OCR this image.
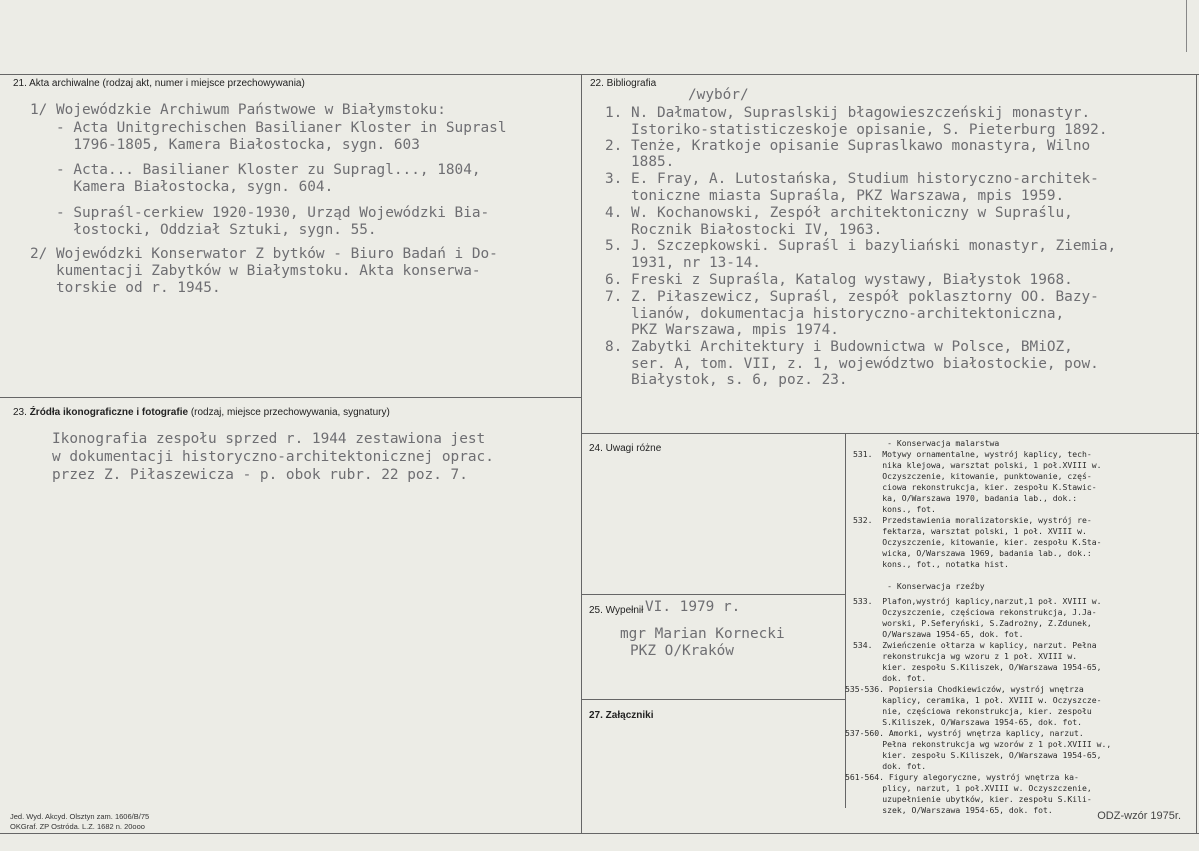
21. Akta archiwalne (rodzaj akt, numer i miejsce przechowywania)	22. Bibliografia
23. Źródła ikonograficzne i fotografie (rodzaj, miejsce przechowywania, sygnatury)
24. Uwagi różne
25. Wypełnił
27. Załączniki
1/ Wojewódzkie Archiwum Państwowe w Białymstoku:
- Acta Unitgrechischen Basilianer Kloster in Suprasl
1796-1805, Kamera Białostocka, sygn. 603
- Acta... Basilianer Kloster zu Supragl..., 1804,
Kamera Białostocka, sygn. 604.
- Supraśl-cerkiew 1920-1930, Urząd Wojewódzki Bia-
łostocki, Oddział Sztuki, sygn. 55.
2/ Wojewódzki Konserwator Z bytków - Biuro Badań i Do-
kumentacji Zabytków w Białymstoku. Akta konserwa-
torskie od r. 1945.
/wybór/
1. N. Dałmatow, Supraslskij błagowieszczeńskij monastyr.
Istoriko-statisticzeskoje opisanie, S. Pieterburg 1892.
2. Tenże, Kratkoje opisanie Supraslkawo monastyra, Wilno
1885.
3. E. Fray, A. Lutostańska, Studium historyczno-architek-
toniczne miasta Supraśla, PKZ Warszawa, mpis 1959.
4. W. Kochanowski, Zespół architektoniczny w Supraślu,
Rocznik Białostocki IV, 1963.
5. J. Szczepkowski. Supraśl i bazyliański monastyr, Ziemia,
1931, nr 13-14.
6. Freski z Supraśla, Katalog wystawy, Białystok 1968.
7. Z. Piłaszewicz, Supraśl, zespół poklasztorny OO. Bazy-
lianów, dokumentacja historyczno-architektoniczna,
PKZ Warszawa, mpis 1974.
8. Zabytki Architektury i Budownictwa w Polsce, BMiOZ,
ser. A, tom. VII, z. 1, województwo białostockie, pow.
Białystok, s. 6, poz. 23.
Ikonografia zespołu sprzed r. 1944 zestawiona jest
w dokumentacji historyczno-architektonicznej oprac.
przez Z. Piłaszewicza - p. obok rubr. 22 poz. 7.
VI. 1979 r.
mgr Marian Kornecki
PKZ O/Kraków
- Konserwacja malarstwa
531.  Motywy ornamentalne, wystrój kaplicy, tech-
nika klejowa, warsztat polski, 1 poł.XVIII w.
Oczyszczenie, kitowanie, punktowanie, częś-
ciowa rekonstrukcja, kier. zespołu K.Stawic-
ka, O/Warszawa 1970, badania lab., dok.:
kons., fot.
532.  Przedstawienia moralizatorskie, wystrój re-
fektarza, warsztat polski, 1 poł. XVIII w.
Oczyszczenie, kitowanie, kier. zespołu K.Sta-
wicka, O/Warszawa 1969, badania lab., dok.:
kons., fot., notatka hist.
- Konserwacja rzeźby
533.  Plafon,wystrój kaplicy,narzut,1 poł. XVIII w.
Oczyszczenie, częściowa rekonstrukcja, J.Ja-
worski, P.Seferyński, S.Zadrożny, Z.Zdunek,
O/Warszawa 1954-65, dok. fot.
534.  Zwieńczenie ołtarza w kaplicy, narzut. Pełna
rekonstrukcja wg wzoru z 1 poł. XVIII w.
kier. zespołu S.Kiliszek, O/Warszawa 1954-65,
dok. fot.
535-536. Popiersia Chodkiewiczów, wystrój wnętrza
kaplicy, ceramika, 1 poł. XVIII w. Oczyszcze-
nie, częściowa rekonstrukcja, kier. zespołu
S.Kiliszek, O/Warszawa 1954-65, dok. fot.
537-560. Amorki, wystrój wnętrza kaplicy, narzut.
Pełna rekonstrukcja wg wzorów z 1 poł.XVIII w.,
kier. zespołu S.Kiliszek, O/Warszawa 1954-65,
dok. fot.
561-564. Figury alegoryczne, wystrój wnętrza ka-
plicy, narzut, 1 poł.XVIII w. Oczyszczenie,
uzupełnienie ubytków, kier. zespołu S.Kili-
szek, O/Warszawa 1954-65, dok. fot.
Jed. Wyd. Akcyd. Olsztyn zam. 1606/B/75
OKGraf. ZP Ostróda. L.Z. 1682 n. 20ooo
ODZ-wzór 1975r.
